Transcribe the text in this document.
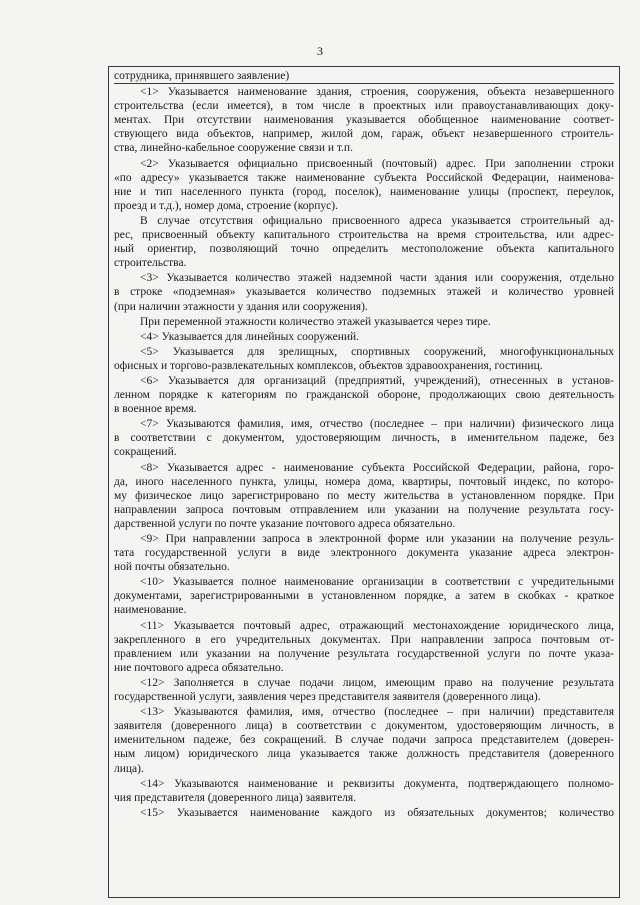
3

сотрудника, принявшего заявление)

<1> Указывается наименование здания, строения, сооружения, объекта незавершенного
строительства (если имеется), в том числе в проектных или правоустанавливающих доку-
ментах. При отсутствии наименования указывается обобщенное наименование соответ-
ствующего вида объектов, например, жилой дом, гараж, объект незавершенного строитель-
ства, линейно-кабельное сооружение связи и т.п.

<2> Указывается официально присвоенный (почтовый) адрес. При заполнении строки
«по адресу» указывается также наименование субъекта Российской Федерации, наименова-
ние и тип населенного пункта (город, поселок), наименование улицы (проспект, переулок,
проезд и т.д.), номер дома, строение (корпус).

В случае отсутствия официально присвоенного адреса указывается строительный ад-
рес, присвоенный объекту капитального строительства на время строительства, или адрес-
ный ориентир, позволяющий точно определить местоположение объекта капитального
строительства.

<3> Указывается количество этажей надземной части здания или сооружения, отдельно
в строке «подземная» указывается количество подземных этажей и количество уровней
(при наличии этажности у здания или сооружения).

При переменной этажности количество этажей указывается через тире.

<4> Указывается для линейных сооружений.

<5> Указывается для зрелищных, спортивных сооружений, многофункциональных
офисных и торгово-развлекательных комплексов, объектов здравоохранения, гостиниц.

<6> Указывается для организаций (предприятий, учреждений), отнесенных в установ-
ленном порядке к категориям по гражданской обороне, продолжающих свою деятельность
в военное время.

<7> Указываются фамилия, имя, отчество (последнее – при наличии) физического лица
в соответствии с документом, удостоверяющим личность, в именительном падеже, без
сокращений.

<8> Указывается адрес - наименование субъекта Российской Федерации, района, горо-
да, иного населенного пункта, улицы, номера дома, квартиры, почтовый индекс, по которо-
му физическое лицо зарегистрировано по месту жительства в установленном порядке. При
направлении запроса почтовым отправлением или указании на получение результата госу-
дарственной услуги по почте указание почтового адреса обязательно.

<9> При направлении запроса в электронной форме или указании на получение резуль-
тата государственной услуги в виде электронного документа указание адреса электрон-
ной почты обязательно.

<10> Указывается полное наименование организации в соответствии с учредительными
документами, зарегистрированными в установленном порядке, а затем в скобках - краткое
наименование.

<11> Указывается почтовый адрес, отражающий местонахождение юридического лица,
закрепленного в его учредительных документах. При направлении запроса почтовым от-
правлением или указании на получение результата государственной услуги по почте указа-
ние почтового адреса обязательно.

<12> Заполняется в случае подачи лицом, имеющим право на получение результата
государственной услуги, заявления через представителя заявителя (доверенного лица).

<13> Указываются фамилия, имя, отчество (последнее – при наличии) представителя
заявителя (доверенного лица) в соответствии с документом, удостоверяющим личность, в
именительном падеже, без сокращений. В случае подачи запроса представителем (доверен-
ным лицом) юридического лица указывается также должность представителя (доверенного
лица).

<14> Указываются наименование и реквизиты документа, подтверждающего полномо-
чия представителя (доверенного лица) заявителя.

<15> Указывается наименование каждого из обязательных документов; количество
